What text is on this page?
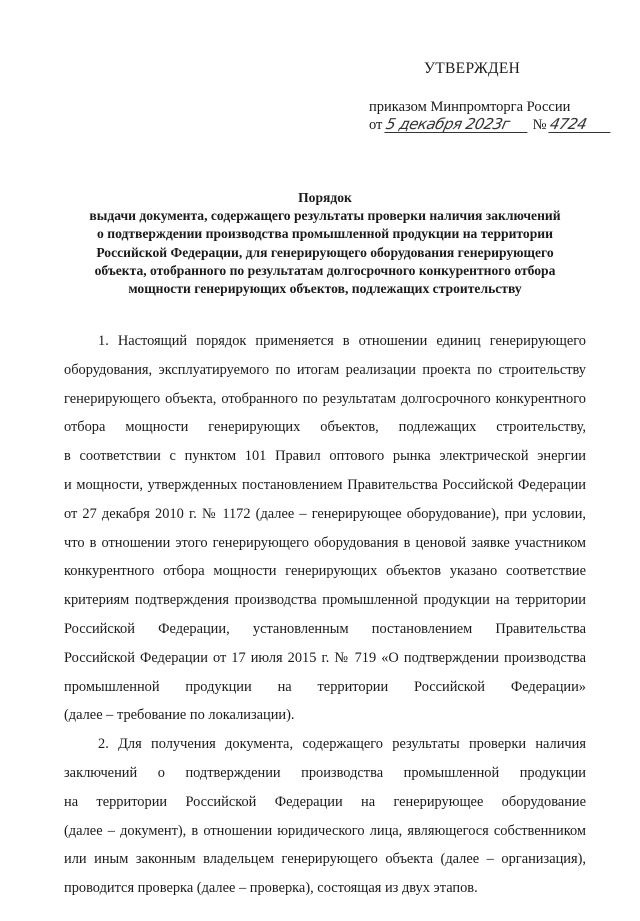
УТВЕРЖДЕН
приказом Минпромторга России
от 5 декабря 2023г № 4724
Порядок
выдачи документа, содержащего результаты проверки наличия заключений
о подтверждении производства промышленной продукции на территории
Российской Федерации, для генерирующего оборудования генерирующего
объекта, отобранного по результатам долгосрочного конкурентного отбора
мощности генерирующих объектов, подлежащих строительству
1. Настоящий порядок применяется в отношении единиц генерирующего
оборудования, эксплуатируемого по итогам реализации проекта по строительству
генерирующего объекта, отобранного по результатам долгосрочного конкурентного
отбора мощности генерирующих объектов, подлежащих строительству,
в соответствии с пунктом 101 Правил оптового рынка электрической энергии
и мощности, утвержденных постановлением Правительства Российской Федерации
от 27 декабря 2010 г. № 1172 (далее – генерирующее оборудование), при условии,
что в отношении этого генерирующего оборудования в ценовой заявке участником
конкурентного отбора мощности генерирующих объектов указано соответствие
критериям подтверждения производства промышленной продукции на территории
Российской Федерации, установленным постановлением Правительства
Российской Федерации от 17 июля 2015 г. № 719 «О подтверждении производства
промышленной продукции на территории Российской Федерации»
(далее – требование по локализации).
2. Для получения документа, содержащего результаты проверки наличия
заключений о подтверждении производства промышленной продукции
на территории Российской Федерации на генерирующее оборудование
(далее – документ), в отношении юридического лица, являющегося собственником
или иным законным владельцем генерирующего объекта (далее – организация),
проводится проверка (далее – проверка), состоящая из двух этапов.
